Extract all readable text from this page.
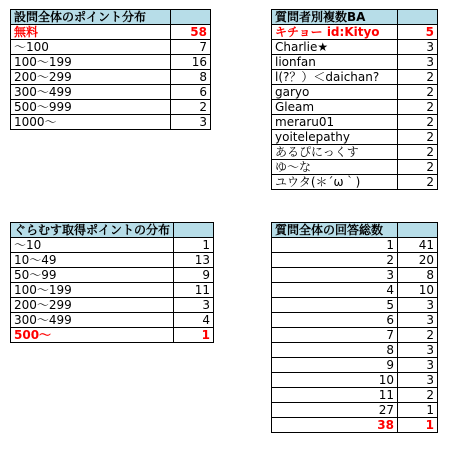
設問全体のポイント分布	
無料	58
～100	7
100～199	16
200～299	8
300～499	6
500～999	2
1000～	3
質問者別複数BA	
キチョー id:Kityo	5
Charlie★	3
lionfan	3
l(?？）＜daichan?	2
garyo	2
Gleam	2
meraru01	2
yoitelepathy	2
あるぴにっくす	2
ゆ～な	2
ユウタ(＊´ω｀)	2
ぐらむす取得ポイントの分布	
～10	1
10～49	13
50～99	9
100～199	11
200～299	3
300～499	4
500～	1
質問全体の回答総数	
1	41
2	20
3	8
4	10
5	3
6	3
7	2
8	3
9	3
10	3
11	2
27	1
38	1
